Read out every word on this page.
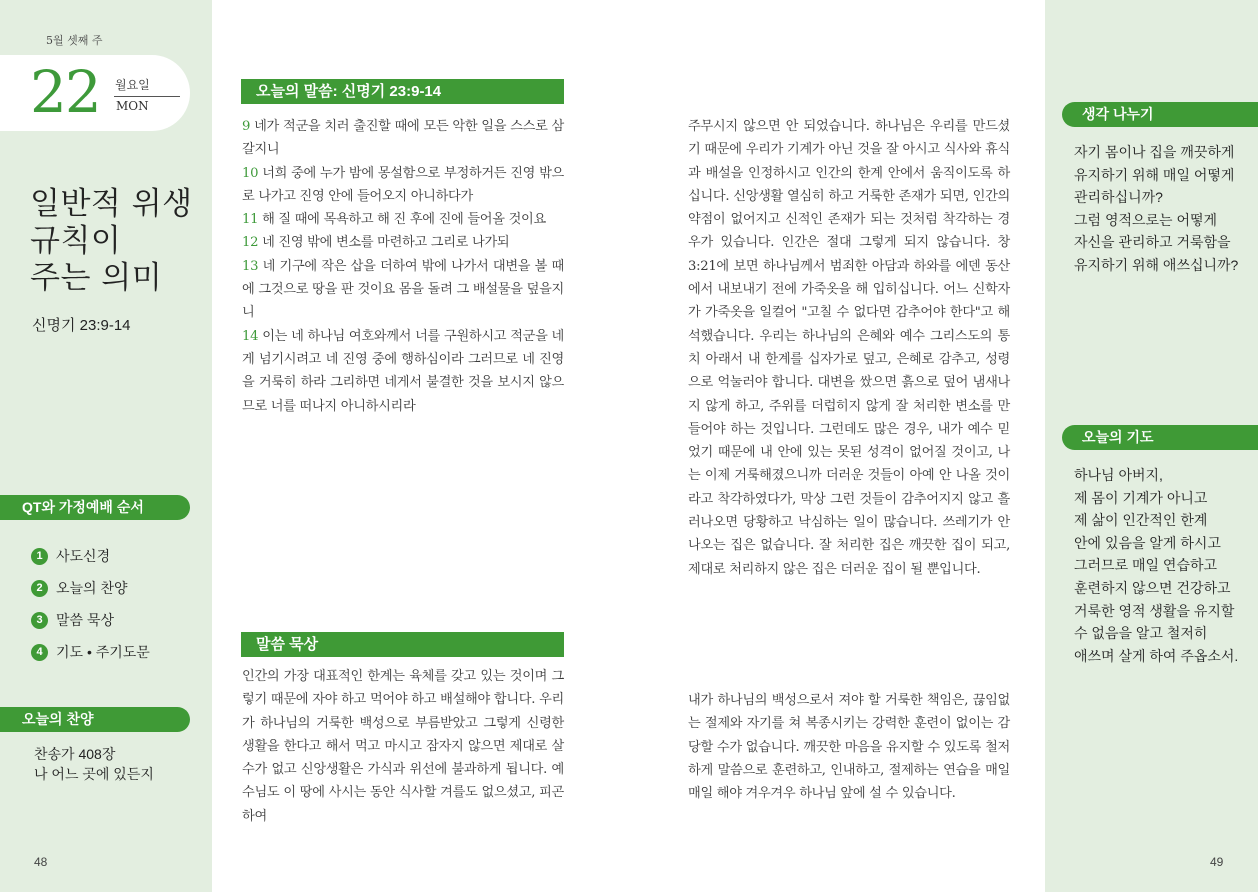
5월 셋째 주
22 월요일
MON
일반적 위생
규칙이
주는 의미
신명기 23:9-14
QT와 가정예배 순서
1 사도신경
2 오늘의 찬양
3 말씀 묵상
4 기도 • 주기도문
오늘의 찬양
찬송가 408장
나 어느 곳에 있든지
48
오늘의 말씀: 신명기 23:9-14
9 네가 적군을 치러 출진할 때에 모든 악한 일을 스스로 삼갈지니
10 너희 중에 누가 밤에 몽설함으로 부정하거든 진영 밖으로 나가고 진영 안에 들어오지 아니하다가
11 해 질 때에 목욕하고 해 진 후에 진에 들어올 것이요
12 네 진영 밖에 변소를 마련하고 그리로 나가되
13 네 기구에 작은 삽을 더하여 밖에 나가서 대변을 볼 때에 그것으로 땅을 판 것이요 몸을 돌려 그 배설물을 덮을지니
14 이는 네 하나님 여호와께서 너를 구원하시고 적군을 네게 넘기시려고 네 진영 중에 행하심이라 그러므로 네 진영을 거룩히 하라 그리하면 네게서 불결한 것을 보시지 않으므로 너를 떠나지 아니하시리라
말씀 묵상
인간의 가장 대표적인 한계는 육체를 갖고 있는 것이며 그렇기 때문에 자야 하고 먹어야 하고 배설해야 합니다. 우리가 하나님의 거룩한 백성으로 부름받았고 그렇게 신령한 생활을 한다고 해서 먹고 마시고 잠자지 않으면 제대로 살 수가 없고 신앙생활은 가식과 위선에 불과하게 됩니다. 예수님도 이 땅에 사시는 동안 식사할 겨를도 없으셨고, 피곤하여
주무시지 않으면 안 되었습니다. 하나님은 우리를 만드셨기 때문에 우리가 기계가 아닌 것을 잘 아시고 식사와 휴식과 배설을 인정하시고 인간의 한계 안에서 움직이도록 하십니다. 신앙생활 열심히 하고 거룩한 존재가 되면, 인간의 약점이 없어지고 신적인 존재가 되는 것처럼 착각하는 경우가 있습니다. 인간은 절대 그렇게 되지 않습니다. 창3:21에 보면 하나님께서 범죄한 아담과 하와를 에덴 동산에서 내보내기 전에 가죽옷을 해 입히십니다. 어느 신학자가 가죽옷을 일컬어 "고칠 수 없다면 감추어야 한다"고 해석했습니다. 우리는 하나님의 은혜와 예수 그리스도의 통치 아래서 내 한계를 십자가로 덮고, 은혜로 감추고, 성령으로 억눌러야 합니다. 대변을 쌌으면 흙으로 덮어 냄새나지 않게 하고, 주위를 더럽히지 않게 잘 처리한 변소를 만들어야 하는 것입니다. 그런데도 많은 경우, 내가 예수 믿었기 때문에 내 안에 있는 못된 성격이 없어질 것이고, 나는 이제 거룩해졌으니까 더러운 것들이 아예 안 나올 것이라고 착각하였다가, 막상 그런 것들이 감추어지지 않고 흘러나오면 당황하고 낙심하는 일이 많습니다. 쓰레기가 안 나오는 집은 없습니다. 잘 처리한 집은 깨끗한 집이 되고, 제대로 처리하지 않은 집은 더러운 집이 될 뿐입니다.
내가 하나님의 백성으로서 져야 할 거룩한 책임은, 끊임없는 절제와 자기를 쳐 복종시키는 강력한 훈련이 없이는 감당할 수가 없습니다. 깨끗한 마음을 유지할 수 있도록 철저하게 말씀으로 훈련하고, 인내하고, 절제하는 연습을 매일매일 해야 겨우겨우 하나님 앞에 설 수 있습니다.
생각 나누기
자기 몸이나 집을 깨끗하게
유지하기 위해 매일 어떻게
관리하십니까?
그럼 영적으로는 어떻게
자신을 관리하고 거룩함을
유지하기 위해 애쓰십니까?
오늘의 기도
하나님 아버지,
제 몸이 기계가 아니고
제 삶이 인간적인 한계
안에 있음을 알게 하시고
그러므로 매일 연습하고
훈련하지 않으면 건강하고
거룩한 영적 생활을 유지할
수 없음을 알고 철저히
애쓰며 살게 하여 주옵소서.
49
